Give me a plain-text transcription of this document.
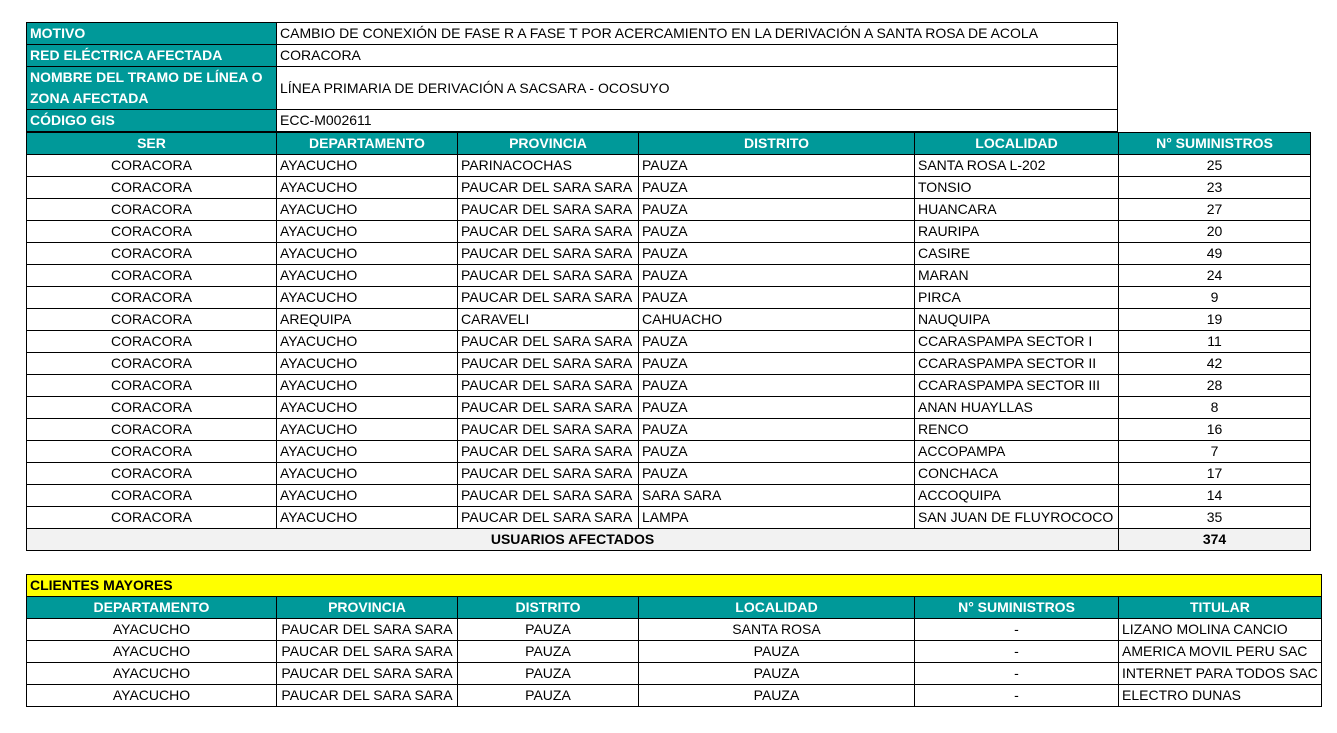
MOTIVO	CAMBIO DE CONEXIÓN DE FASE R A FASE T POR ACERCAMIENTO EN LA DERIVACIÓN A SANTA ROSA DE ACOLA
RED ELÉCTRICA AFECTADA	CORACORA
NOMBRE DEL TRAMO DE LÍNEA O ZONA AFECTADA	LÍNEA PRIMARIA DE DERIVACIÓN A SACSARA - OCOSUYO
CÓDIGO GIS	ECC-M002611
SER	DEPARTAMENTO	PROVINCIA	DISTRITO	LOCALIDAD	N° SUMINISTROS
CORACORA	AYACUCHO	PARINACOCHAS	PAUZA	SANTA ROSA L-202	25
CORACORA	AYACUCHO	PAUCAR DEL SARA SARA	PAUZA	TONSIO	23
CORACORA	AYACUCHO	PAUCAR DEL SARA SARA	PAUZA	HUANCARA	27
CORACORA	AYACUCHO	PAUCAR DEL SARA SARA	PAUZA	RAURIPA	20
CORACORA	AYACUCHO	PAUCAR DEL SARA SARA	PAUZA	CASIRE	49
CORACORA	AYACUCHO	PAUCAR DEL SARA SARA	PAUZA	MARAN	24
CORACORA	AYACUCHO	PAUCAR DEL SARA SARA	PAUZA	PIRCA	9
CORACORA	AREQUIPA	CARAVELI	CAHUACHO	NAUQUIPA	19
CORACORA	AYACUCHO	PAUCAR DEL SARA SARA	PAUZA	CCARASPAMPA SECTOR I	11
CORACORA	AYACUCHO	PAUCAR DEL SARA SARA	PAUZA	CCARASPAMPA SECTOR II	42
CORACORA	AYACUCHO	PAUCAR DEL SARA SARA	PAUZA	CCARASPAMPA SECTOR III	28
CORACORA	AYACUCHO	PAUCAR DEL SARA SARA	PAUZA	ANAN HUAYLLAS	8
CORACORA	AYACUCHO	PAUCAR DEL SARA SARA	PAUZA	RENCO	16
CORACORA	AYACUCHO	PAUCAR DEL SARA SARA	PAUZA	ACCOPAMPA	7
CORACORA	AYACUCHO	PAUCAR DEL SARA SARA	PAUZA	CONCHACA	17
CORACORA	AYACUCHO	PAUCAR DEL SARA SARA	SARA SARA	ACCOQUIPA	14
CORACORA	AYACUCHO	PAUCAR DEL SARA SARA	LAMPA	SAN JUAN DE FLUYROCOCO	35
USUARIOS AFECTADOS					374
CLIENTES MAYORES					
DEPARTAMENTO	PROVINCIA	DISTRITO	LOCALIDAD	N° SUMINISTROS	TITULAR
AYACUCHO	PAUCAR DEL SARA SARA	PAUZA	SANTA ROSA	-	LIZANO MOLINA CANCIO
AYACUCHO	PAUCAR DEL SARA SARA	PAUZA	PAUZA	-	AMERICA MOVIL PERU SAC
AYACUCHO	PAUCAR DEL SARA SARA	PAUZA	PAUZA	-	INTERNET PARA TODOS SAC
AYACUCHO	PAUCAR DEL SARA SARA	PAUZA	PAUZA	-	ELECTRO DUNAS
